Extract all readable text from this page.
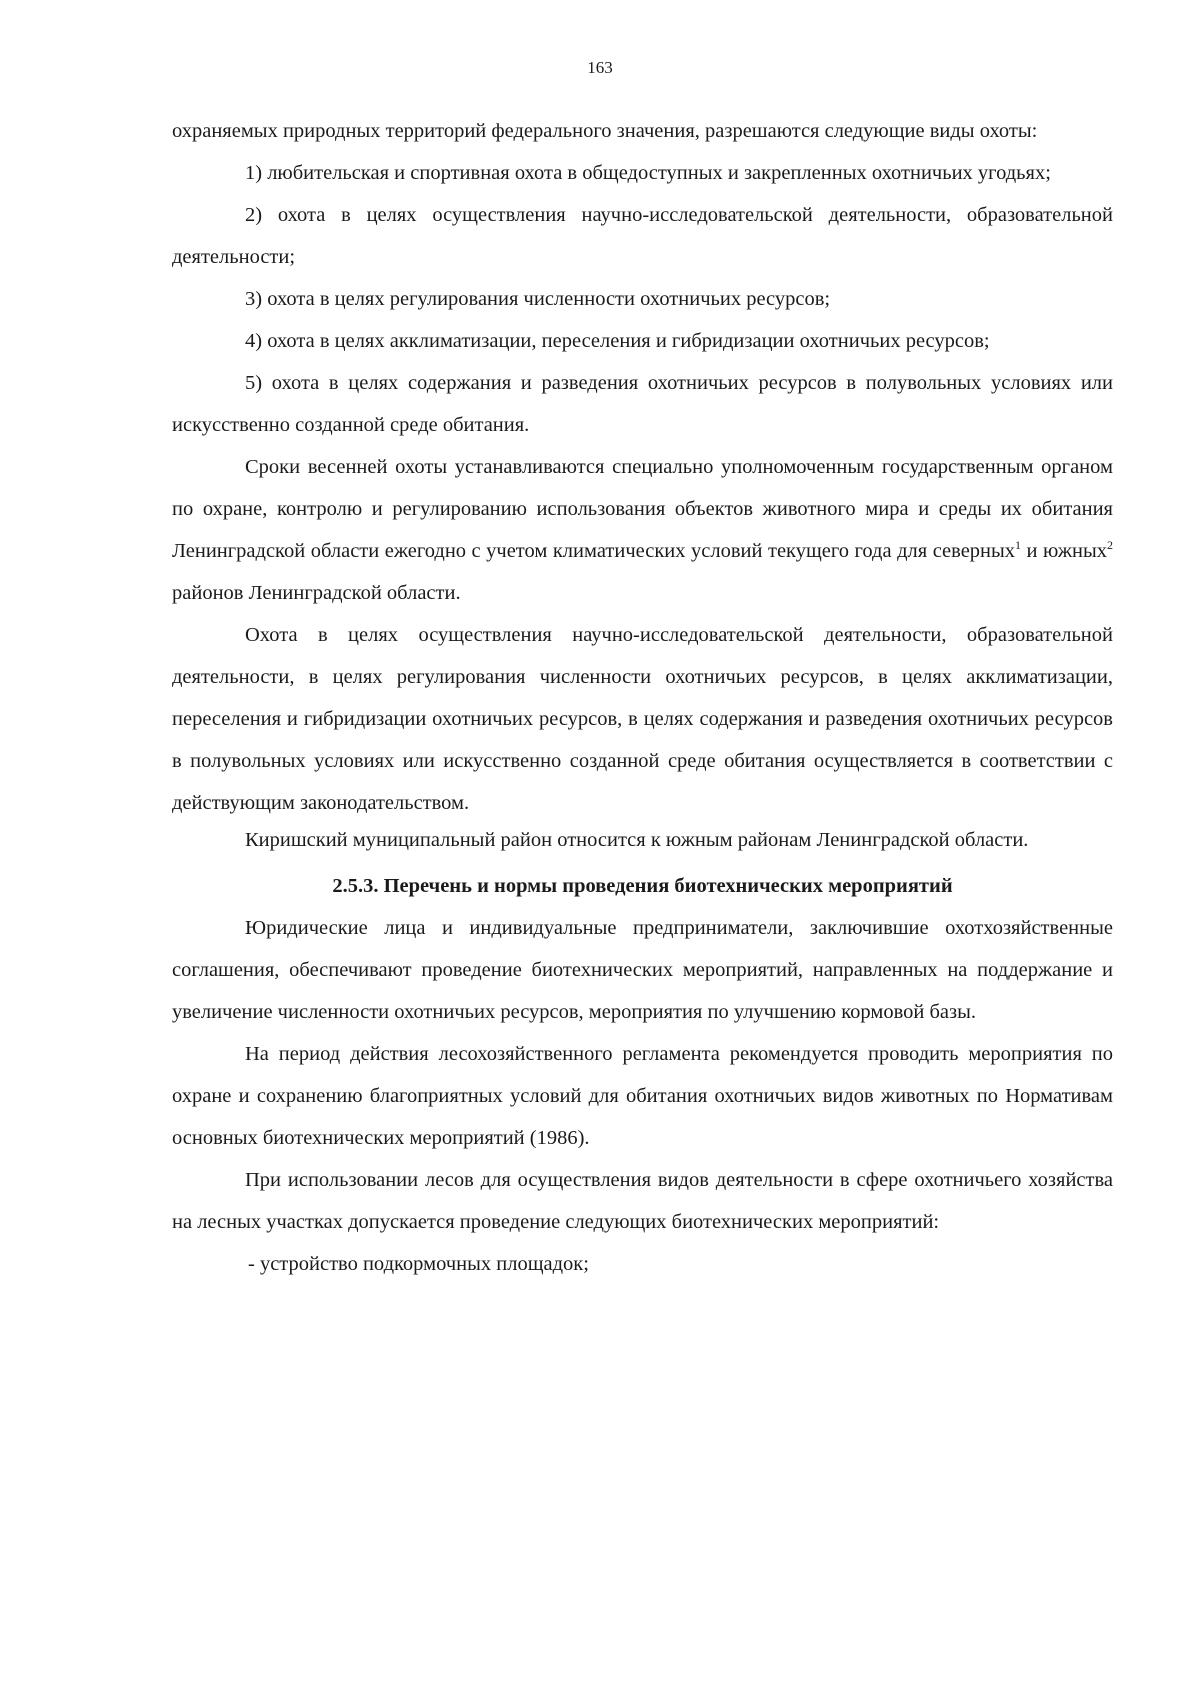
163

охраняемых природных территорий федерального значения, разрешаются следующие виды охоты:

1) любительская и спортивная охота в общедоступных и закрепленных охотничьих угодьях;

2) охота в целях осуществления научно-исследовательской деятельности, образовательной деятельности;

3) охота в целях регулирования численности охотничьих ресурсов;

4) охота в целях акклиматизации, переселения и гибридизации охотничьих ресурсов;

5) охота в целях содержания и разведения охотничьих ресурсов в полувольных условиях или искусственно созданной среде обитания.

Сроки весенней охоты устанавливаются специально уполномоченным государственным органом по охране, контролю и регулированию использования объектов животного мира и среды их обитания Ленинградской области ежегодно с учетом климатических условий текущего года для северных$^1$ и южных$^2$ районов Ленинградской области.

Охота в целях осуществления научно-исследовательской деятельности, образовательной деятельности, в целях регулирования численности охотничьих ресурсов, в целях акклиматизации, переселения и гибридизации охотничьих ресурсов, в целях содержания и разведения охотничьих ресурсов в полувольных условиях или искусственно созданной среде обитания осуществляется в соответствии с действующим законодательством.

Киришский муниципальный район относится к южным районам Ленинградской области.

2.5.3. Перечень и нормы проведения биотехнических мероприятий

Юридические лица и индивидуальные предприниматели, заключившие охотхозяйственные соглашения, обеспечивают проведение биотехнических мероприятий, направленных на поддержание и увеличение численности охотничьих ресурсов, мероприятия по улучшению кормовой базы.

На период действия лесохозяйственного регламента рекомендуется проводить мероприятия по охране и сохранению благоприятных условий для обитания охотничьих видов животных по Нормативам основных биотехнических мероприятий (1986).

При использовании лесов для осуществления видов деятельности в сфере охотничьего хозяйства на лесных участках допускается проведение следующих биотехнических мероприятий:

- устройство подкормочных площадок;
